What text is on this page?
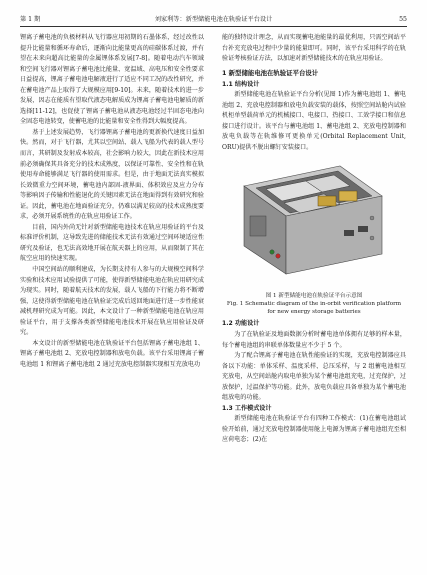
第 1 期	刘家利等：新型储能电池在轨验证平台设计	55

锂离子蓄电池的负极材料从飞行器应用初期的石墨体系，经过改性以提升比能量和循环寿命后，逐渐向比能量更高的硅碳体系过渡，并有望在未来向超高比能量的金属锂体系发展[7-8]。随着电动汽车领域和空间飞行器对锂离子蓄电池比能量、宽温域、高电压和安全性要求日益提高，锂离子蓄电池电解液进行了适应不同工况的改性研究，并在蓄电池产品上取得了大规模应用[9-10]。未来，随着技术的进一步发展，因志在能质有望取代液态电解质成为锂离子蓄电池电解质的新选择[11-12]，也促使了锂离子蓄电池从液态电池经过半固态电池向全固态电池转变，使蓄电池的比能量和安全性得到大幅度提高。

基于上述发展趋势，飞行器锂离子蓄电池的更新换代速度日益加快。然而，对于飞行器，尤其以空间站、载人飞船为代表的载人型号而言，其研制及发射成本较高，社会影响力较大，因此在新技术应用前必须确保其具备充分的技术成熟度，以保证可靠性、安全性和在轨使用寿命能够满足飞行器的使用需求。但是，由于地面无法真实模拟长效微重力空间环境，蓄电池内部固-液界面、体积效应及应力分布等影响因子传输和性能退化的关键因素无法在地面得到有效研究和验证。因此，蓄电池在地面验证充分，仍难以满足较高的技术成熟度要求，必须开展系统性的在轨应用验证工作。

目前，国内外尚无针对新型储能电池技术在轨应用验证的平台及标准评价机制，这导致先进的储能技术无法有效通过空间环境适应性研究及验证，也无法高效地开展在航天器上的应用，从而限制了其在航空应用的快速实现。

中国空间站的顺利建成，为长期支持有人参与的大规模空间科学实验和技术应用试验提供了可能，使得新型储能电池在轨应用研究成为现实。同时，随着航天技术的发展，载人飞船的下行能力将不断增强，这使得新型储能电池在轨验证完成后返回地面进行进一步性能衰减机理研究成为可能。因此，本文设计了一种新型储能电池在轨应用验证平台，用于支撑各类新型储能电池技术开展在轨应用验证及研究。

本文设计的新型储能电池在轨验证平台包括锂离子蓄电池组 1、锂离子蓄电池组 2、充放电控制器和放电负载。该平台采用锂离子蓄电池组 1 和锂离子蓄电池组 2 通过充放电控制器实现相互充放电功

能的独特设计理念，从而实现蓄电池能量的最优利用，只需空间站平台补充充放电过程中少量的能量即可。同时，该平台采用科学的在轨验证考核验证方法，以加速对新型储能技术的在轨应用验证。

1 新型储能电池在轨验证平台设计

1.1 结构设计

新型储能电池在轨验证平台分析(见图 1)作为蓄电池组 1、蓄电池组 2、充放电控制器和放电负载安装的载体，按照空间站舱内试验机柜单型载荷单元的机械接口、电接口、热接口、工效学接口和信息接口进行设计。该平台与蓄电池组 1、蓄电池组 2、充放电控制器和放电负载等在轨维修可更换单元(Orbital Replacement Unit, ORU)提供不脱出螺钉安装接口。

图 1 新型储能电池在轨验证平台示意图

Fig. 1 Schematic diagram of the in-orbit verification platform

for new energy storage batteries

1.2 功能设计

为了在轨验证及地面数据分析时蓄电池单体拥有足够的样本量，每个蓄电池组的串联单体数量应不少于 5 个。

为了配合锂离子蓄电池在轨性能验证的实现，充放电控制器应具备以下功能：单体采样、温度采样、总压采样，与 2 组蓄电池相互充放电，从空间站舱内取电单独为某个蓄电池组充电，过充保护，过放保护，过温保护等功能。此外，放电负载应具备单独为某个蓄电池组放电的功能。

1.3 工作模式设计

新型储能电池在轨验证平台有四种工作模式：(1)在蓄电池组试验开始前，通过充放电控制器使用舱上电源为锂离子蓄电池组充至相应荷电态；(2)在
